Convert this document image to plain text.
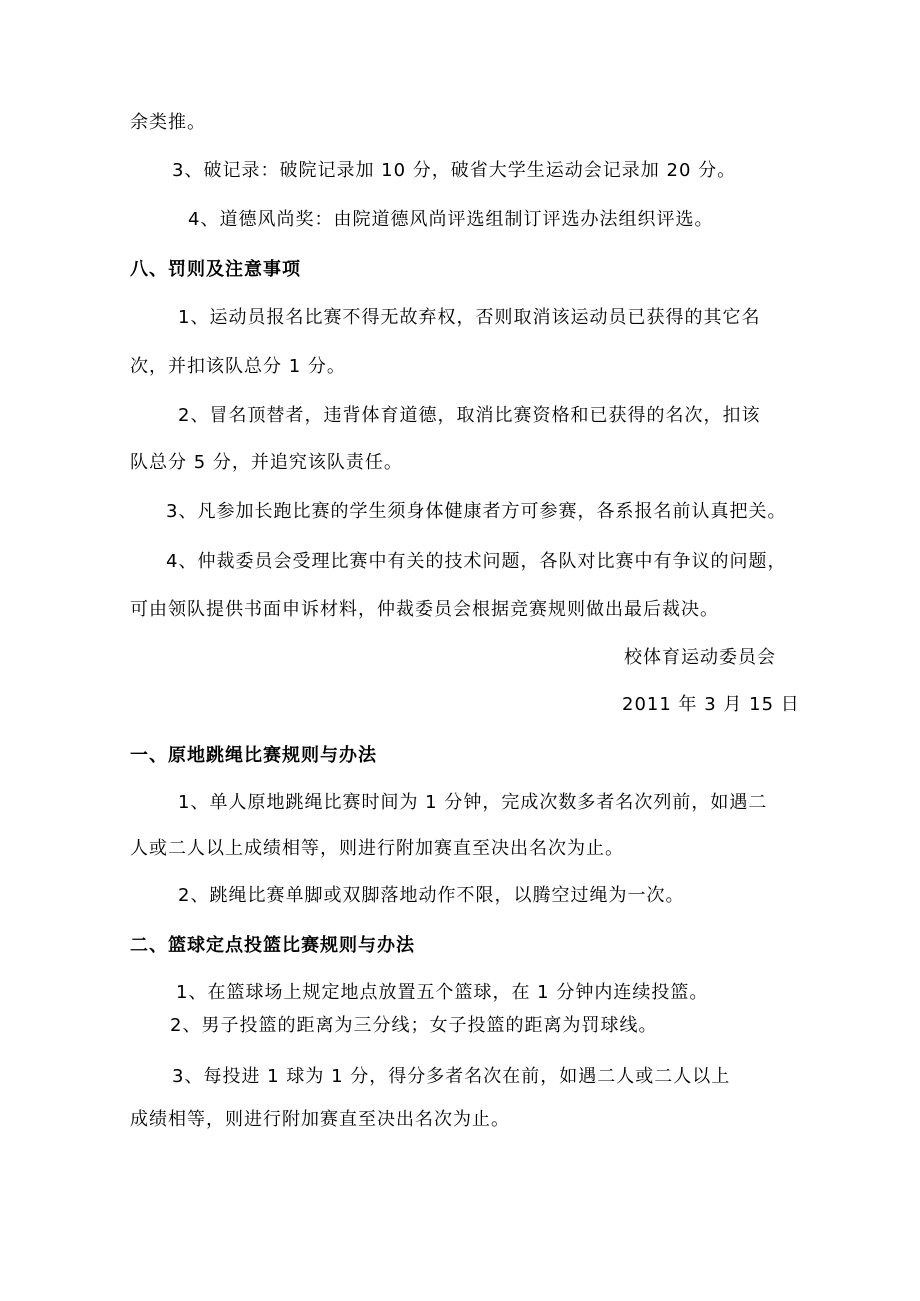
余类推。
3、破记录：破院记录加 10 分，破省大学生运动会记录加 20 分。
4、道德风尚奖：由院道德风尚评选组制订评选办法组织评选。
八、罚则及注意事项
1、运动员报名比赛不得无故弃权，否则取消该运动员已获得的其它名
次，并扣该队总分 1 分。
2、冒名顶替者，违背体育道德，取消比赛资格和已获得的名次，扣该
队总分 5 分，并追究该队责任。
3、凡参加长跑比赛的学生须身体健康者方可参赛，各系报名前认真把关。
4、仲裁委员会受理比赛中有关的技术问题，各队对比赛中有争议的问题，
可由领队提供书面申诉材料，仲裁委员会根据竞赛规则做出最后裁决。
校体育运动委员会
2011 年 3 月 15 日
一、原地跳绳比赛规则与办法
1、单人原地跳绳比赛时间为 1 分钟，完成次数多者名次列前，如遇二
人或二人以上成绩相等，则进行附加赛直至决出名次为止。
2、跳绳比赛单脚或双脚落地动作不限，以腾空过绳为一次。
二、篮球定点投篮比赛规则与办法
1、在篮球场上规定地点放置五个篮球，在 1 分钟内连续投篮。
2、男子投篮的距离为三分线；女子投篮的距离为罚球线。
3、每投进 1 球为 1 分，得分多者名次在前，如遇二人或二人以上
成绩相等，则进行附加赛直至决出名次为止。
